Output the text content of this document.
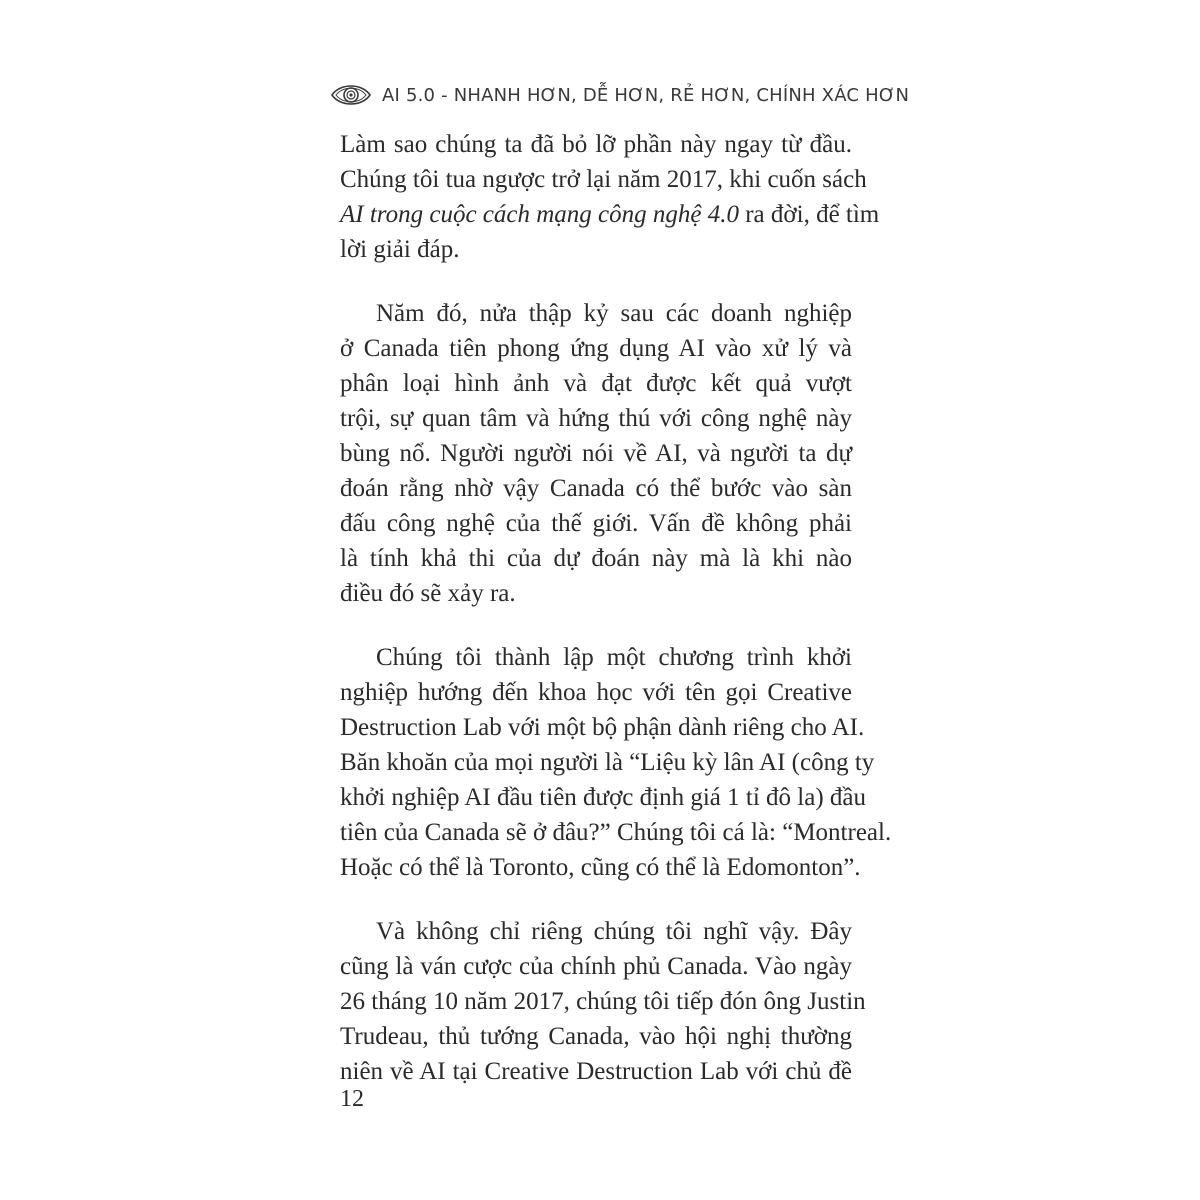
AI 5.0 - NHANH HƠN, DỄ HƠN, RẺ HƠN, CHÍNH XÁC HƠN

Làm sao chúng ta đã bỏ lỡ phần này ngay từ đầu.
Chúng tôi tua ngược trở lại năm 2017, khi cuốn sách
AI trong cuộc cách mạng công nghệ 4.0 ra đời, để tìm
lời giải đáp.

Năm đó, nửa thập kỷ sau các doanh nghiệp
ở Canada tiên phong ứng dụng AI vào xử lý và
phân loại hình ảnh và đạt được kết quả vượt
trội, sự quan tâm và hứng thú với công nghệ này
bùng nổ. Người người nói về AI, và người ta dự
đoán rằng nhờ vậy Canada có thể bước vào sàn
đấu công nghệ của thế giới. Vấn đề không phải
là tính khả thi của dự đoán này mà là khi nào
điều đó sẽ xảy ra.

Chúng tôi thành lập một chương trình khởi
nghiệp hướng đến khoa học với tên gọi Creative
Destruction Lab với một bộ phận dành riêng cho AI.
Băn khoăn của mọi người là “Liệu kỳ lân AI (công ty
khởi nghiệp AI đầu tiên được định giá 1 tỉ đô la) đầu
tiên của Canada sẽ ở đâu?” Chúng tôi cá là: “Montreal.
Hoặc có thể là Toronto, cũng có thể là Edomonton”.

Và không chỉ riêng chúng tôi nghĩ vậy. Đây
cũng là ván cược của chính phủ Canada. Vào ngày
26 tháng 10 năm 2017, chúng tôi tiếp đón ông Justin
Trudeau, thủ tướng Canada, vào hội nghị thường
niên về AI tại Creative Destruction Lab với chủ đề

12
